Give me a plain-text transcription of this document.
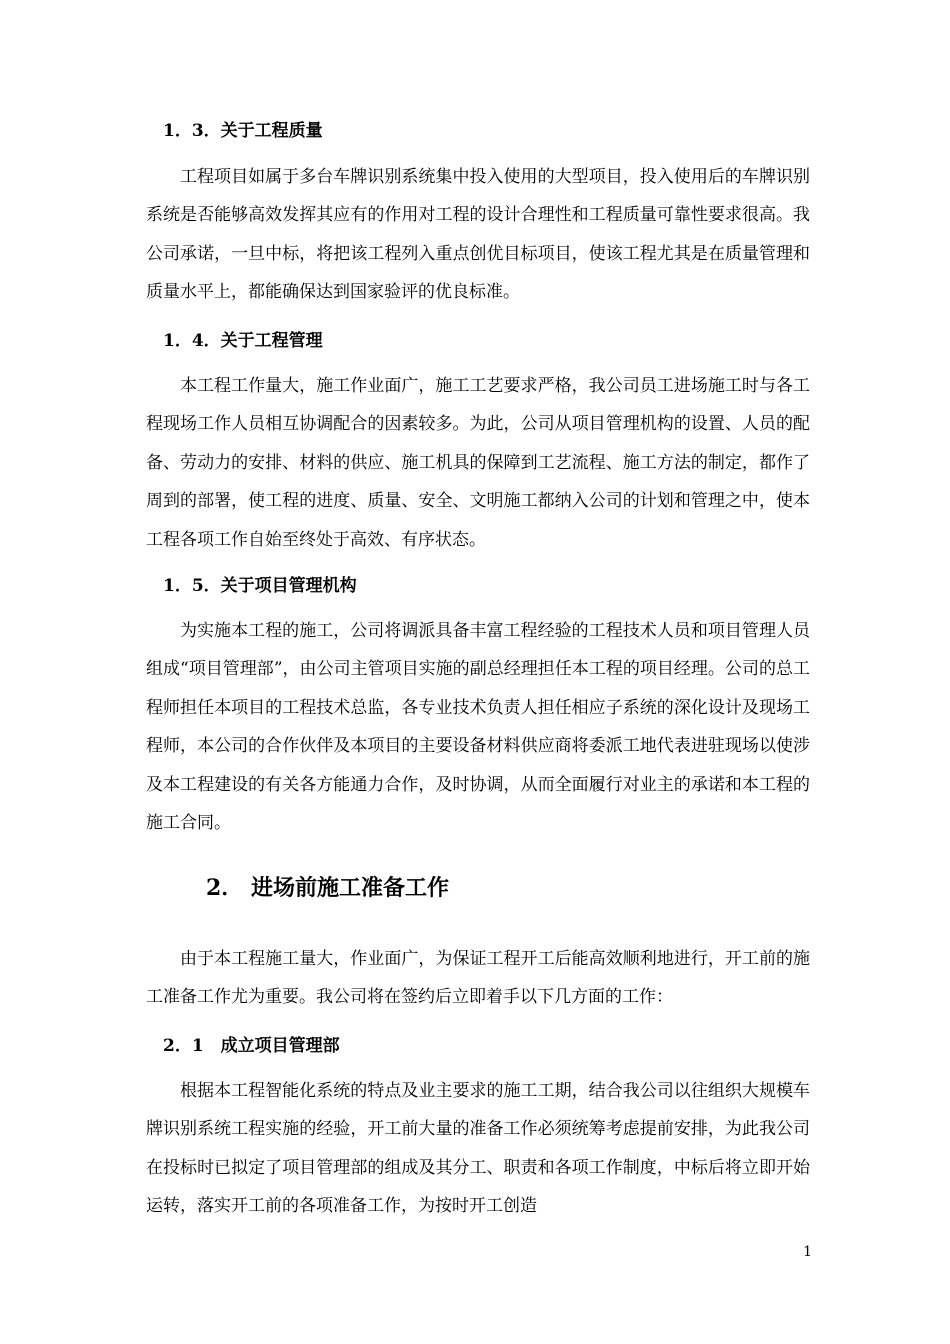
1．3．关于工程质量
工程项目如属于多台车牌识别系统集中投入使用的大型项目，投入使用后的车牌识别系统是否能够高效发挥其应有的作用对工程的设计合理性和工程质量可靠性要求很高。我公司承诺，一旦中标，将把该工程列入重点创优目标项目，使该工程尤其是在质量管理和质量水平上，都能确保达到国家验评的优良标准。
1．4．关于工程管理
本工程工作量大，施工作业面广，施工工艺要求严格，我公司员工进场施工时与各工程现场工作人员相互协调配合的因素较多。为此，公司从项目管理机构的设置、人员的配备、劳动力的安排、材料的供应、施工机具的保障到工艺流程、施工方法的制定，都作了周到的部署，使工程的进度、质量、安全、文明施工都纳入公司的计划和管理之中，使本工程各项工作自始至终处于高效、有序状态。
1．5．关于项目管理机构
为实施本工程的施工，公司将调派具备丰富工程经验的工程技术人员和项目管理人员组成“项目管理部”，由公司主管项目实施的副总经理担任本工程的项目经理。公司的总工程师担任本项目的工程技术总监，各专业技术负责人担任相应子系统的深化设计及现场工程师，本公司的合作伙伴及本项目的主要设备材料供应商将委派工地代表进驻现场以使涉及本工程建设的有关各方能通力合作，及时协调，从而全面履行对业主的承诺和本工程的施工合同。
2． 进场前施工准备工作
由于本工程施工量大，作业面广，为保证工程开工后能高效顺利地进行，开工前的施工准备工作尤为重要。我公司将在签约后立即着手以下几方面的工作：
2．1　成立项目管理部
根据本工程智能化系统的特点及业主要求的施工工期，结合我公司以往组织大规模车牌识别系统工程实施的经验，开工前大量的准备工作必须统筹考虑提前安排，为此我公司在投标时已拟定了项目管理部的组成及其分工、职责和各项工作制度，中标后将立即开始运转，落实开工前的各项准备工作，为按时开工创造
1
